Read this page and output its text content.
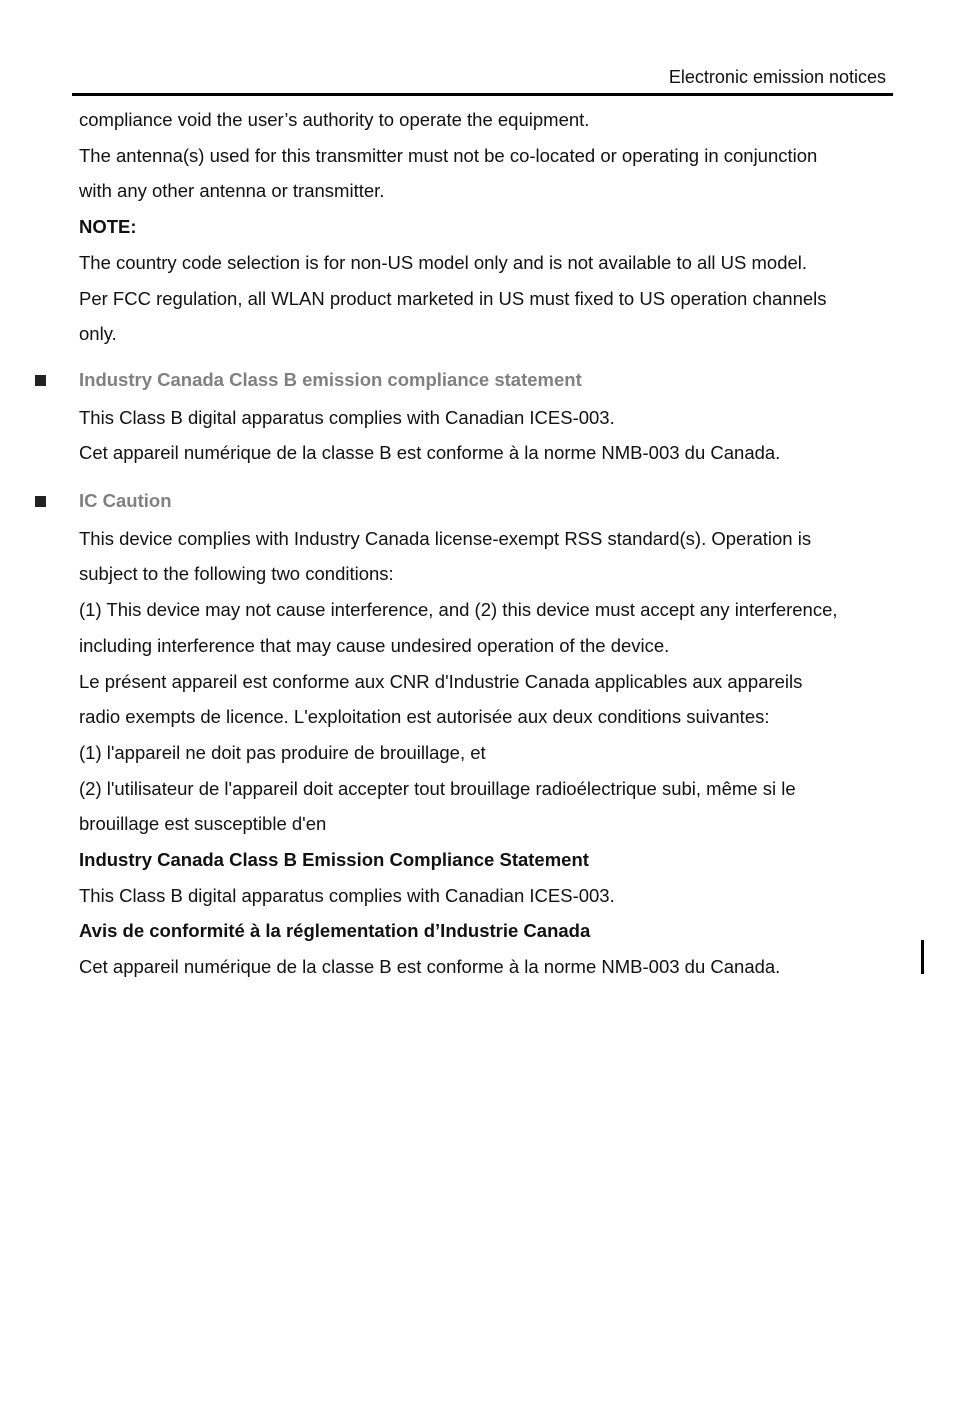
Electronic emission notices

compliance void the user’s authority to operate the equipment.

The antenna(s) used for this transmitter must not be co-located or operating in conjunction

with any other antenna or transmitter.

NOTE:

The country code selection is for non-US model only and is not available to all US model.

Per FCC regulation, all WLAN product marketed in US must fixed to US operation channels

only.

Industry Canada Class B emission compliance statement

This Class B digital apparatus complies with Canadian ICES-003.

Cet appareil numérique de la classe B est conforme à la norme NMB-003 du Canada.

IC Caution

This device complies with Industry Canada license-exempt RSS standard(s). Operation is

subject to the following two conditions:

(1) This device may not cause interference, and (2) this device must accept any interference,

including interference that may cause undesired operation of the device.

Le présent appareil est conforme aux CNR d'Industrie Canada applicables aux appareils

radio exempts de licence. L'exploitation est autorisée aux deux conditions suivantes:

(1) l'appareil ne doit pas produire de brouillage, et

(2) l'utilisateur de l'appareil doit accepter tout brouillage radioélectrique subi, même si le

brouillage est susceptible d'en

Industry Canada Class B Emission Compliance Statement

This Class B digital apparatus complies with Canadian ICES-003.

Avis de conformité à la réglementation d’Industrie Canada

Cet appareil numérique de la classe B est conforme à la norme NMB-003 du Canada.
